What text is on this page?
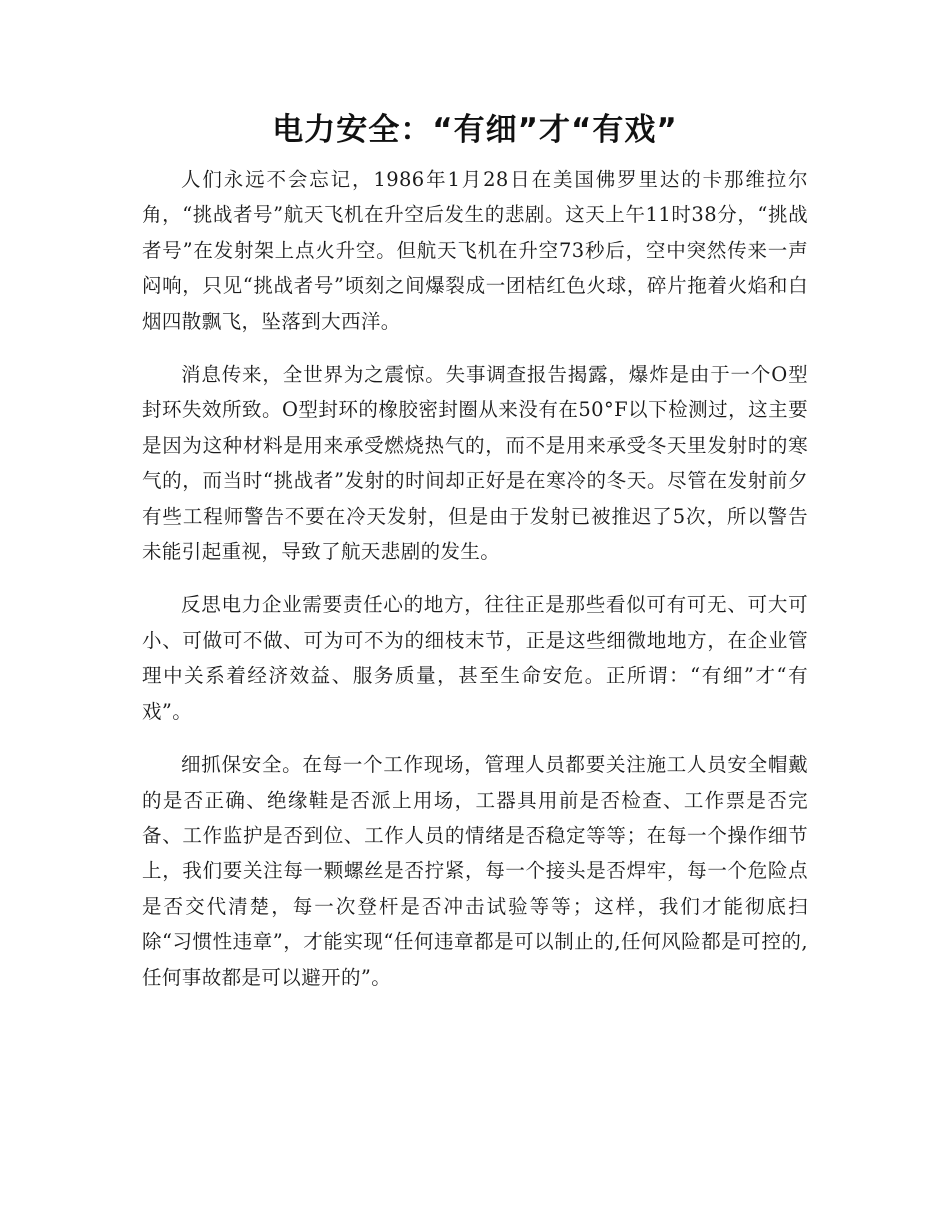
电力安全：“有细”才“有戏”

人们永远不会忘记，1986年1月28日在美国佛罗里达的卡那维拉尔角，“挑战者号”航天飞机在升空后发生的悲剧。这天上午11时38分，“挑战者号”在发射架上点火升空。但航天飞机在升空73秒后，空中突然传来一声闷响，只见“挑战者号”顷刻之间爆裂成一团桔红色火球，碎片拖着火焰和白烟四散飘飞，坠落到大西洋。

消息传来，全世界为之震惊。失事调查报告揭露，爆炸是由于一个O型封环失效所致。O型封环的橡胶密封圈从来没有在50°F以下检测过，这主要是因为这种材料是用来承受燃烧热气的，而不是用来承受冬天里发射时的寒气的，而当时“挑战者”发射的时间却正好是在寒冷的冬天。尽管在发射前夕有些工程师警告不要在冷天发射，但是由于发射已被推迟了5次，所以警告未能引起重视，导致了航天悲剧的发生。

反思电力企业需要责任心的地方，往往正是那些看似可有可无、可大可小、可做可不做、可为可不为的细枝末节，正是这些细微地地方，在企业管理中关系着经济效益、服务质量，甚至生命安危。正所谓：“有细”才“有戏”。

细抓保安全。在每一个工作现场，管理人员都要关注施工人员安全帽戴的是否正确、绝缘鞋是否派上用场，工器具用前是否检查、工作票是否完备、工作监护是否到位、工作人员的情绪是否稳定等等；在每一个操作细节上，我们要关注每一颗螺丝是否拧紧，每一个接头是否焊牢，每一个危险点是否交代清楚，每一次登杆是否冲击试验等等；这样，我们才能彻底扫除“习惯性违章”，才能实现“任何违章都是可以制止的,任何风险都是可控的,任何事故都是可以避开的”。
